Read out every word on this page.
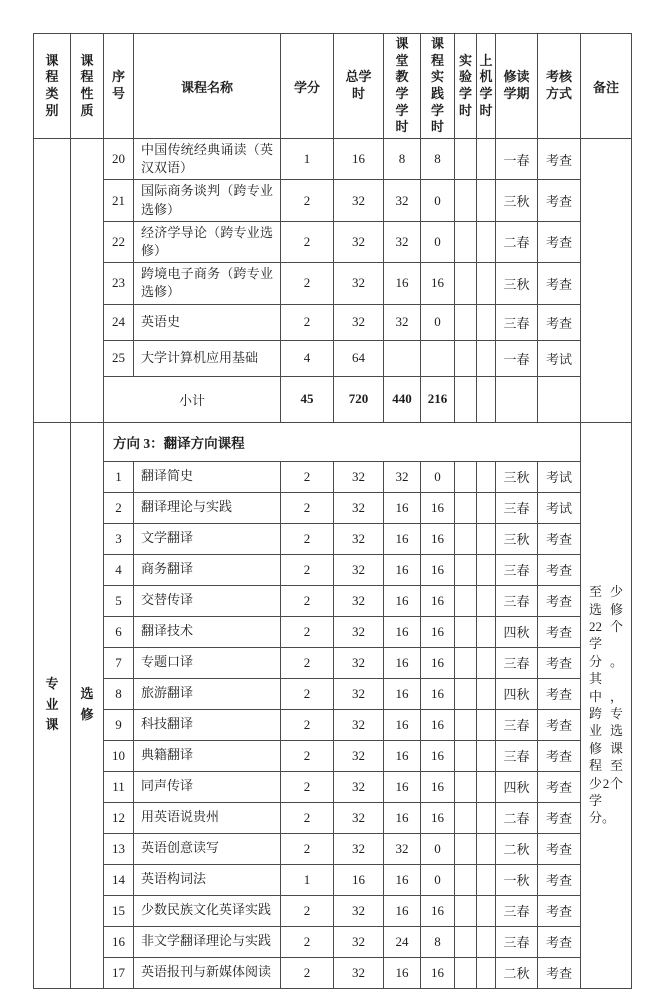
课程类别	课程性质	序号	课程名称	学分	总学时	课堂教学学时	课程实践学时	实验学时	上机学时	修读学期	考核方式	备注
		20	中国传统经典诵读（英汉双语）	1	16	8	8			一春	考查	

		21	国际商务谈判（跨专业选修）	2	32	32	0			三秋	考查	
		22	经济学导论（跨专业选修）	2	32	32	0			二春	考查	
		23	跨境电子商务（跨专业选修）	2	32	16	16			三秋	考查	
		24	英语史	2	32	32	0			三春	考查	
		25	大学计算机应用基础	4	64					一春	考试	
		小计		45	720	440	216					
专业课	选修	方向 3：翻译方向课程										至少选修22个学分。其中，跨专业选修课程至少2个学分。

		1	翻译简史	2	32	32	0			三秋	考试	
		2	翻译理论与实践	2	32	16	16			三春	考试	
		3	文学翻译	2	32	16	16			三秋	考查	
		4	商务翻译	2	32	16	16			三春	考查	
		5	交替传译	2	32	16	16			三春	考查	
		6	翻译技术	2	32	16	16			四秋	考查	
		7	专题口译	2	32	16	16			三春	考查	
		8	旅游翻译	2	32	16	16			四秋	考查	
		9	科技翻译	2	32	16	16			三春	考查	
		10	典籍翻译	2	32	16	16			三春	考查	
		11	同声传译	2	32	16	16			四秋	考查	
		12	用英语说贵州	2	32	16	16			二春	考查	
		13	英语创意读写	2	32	32	0			二秋	考查	
		14	英语构词法	1	16	16	0			一秋	考查	
		15	少数民族文化英译实践	2	32	16	16			三春	考查	
		16	非文学翻译理论与实践	2	32	24	8			三春	考查	
		17	英语报刊与新媒体阅读	2	32	16	16			二秋	考查	
